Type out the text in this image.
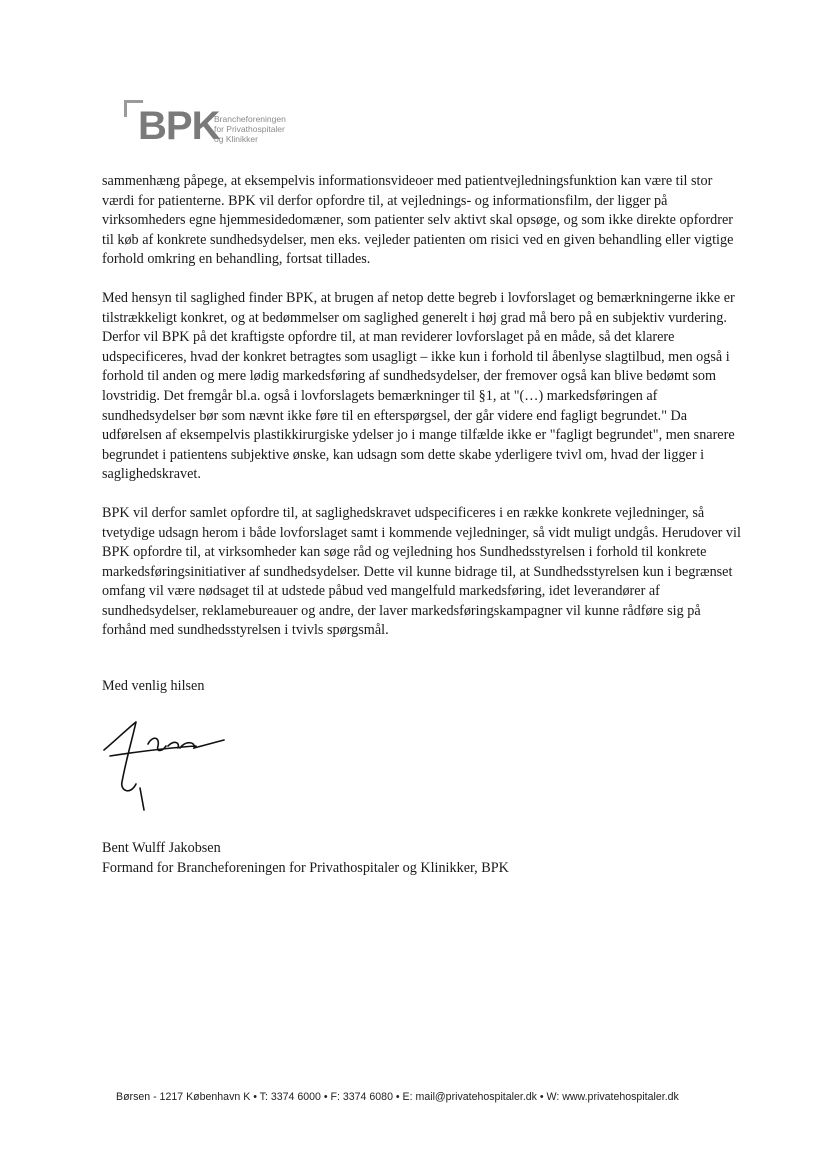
BPK
Brancheforeningen
for Privathospitaler
og Klinikker

sammenhæng påpege, at eksempelvis informationsvideoer med patientvejledningsfunktion kan være til stor værdi for patienterne. BPK vil derfor opfordre til, at vejlednings- og informationsfilm, der ligger på virksomheders egne hjemmesidedomæner, som patienter selv aktivt skal opsøge, og som ikke direkte opfordrer til køb af konkrete sundhedsydelser, men eks. vejleder patienten om risici ved en given behandling eller vigtige forhold omkring en behandling, fortsat tillades.

Med hensyn til saglighed finder BPK, at brugen af netop dette begreb i lovforslaget og bemærkningerne ikke er tilstrækkeligt konkret, og at bedømmelser om saglighed generelt i høj grad må bero på en subjektiv vurdering. Derfor vil BPK på det kraftigste opfordre til, at man reviderer lovforslaget på en måde, så det klarere udspecificeres, hvad der konkret betragtes som usagligt – ikke kun i forhold til åbenlyse slagtilbud, men også i forhold til anden og mere lødig markedsføring af sundhedsydelser, der fremover også kan blive bedømt som lovstridig. Det fremgår bl.a. også i lovforslagets bemærkninger til §1, at "(…) markedsføringen af sundhedsydelser bør som nævnt ikke føre til en efterspørgsel, der går videre end fagligt begrundet." Da udførelsen af eksempelvis plastikkirurgiske ydelser jo i mange tilfælde ikke er "fagligt begrundet", men snarere begrundet i patientens subjektive ønske, kan udsagn som dette skabe yderligere tvivl om, hvad der ligger i saglighedskravet.

BPK vil derfor samlet opfordre til, at saglighedskravet udspecificeres i en række konkrete vejledninger, så tvetydige udsagn herom i både lovforslaget samt i kommende vejledninger, så vidt muligt undgås. Herudover vil BPK opfordre til, at virksomheder kan søge råd og vejledning hos Sundhedsstyrelsen i forhold til konkrete markedsføringsinitiativer af sundhedsydelser. Dette vil kunne bidrage til, at Sundhedsstyrelsen kun i begrænset omfang vil være nødsaget til at udstede påbud ved mangelfuld markedsføring, idet leverandører af sundhedsydelser, reklamebureauer og andre, der laver markedsføringskampagner vil kunne rådføre sig på forhånd med sundhedsstyrelsen i tvivls spørgsmål.

Med venlig hilsen
Bent Wulff Jakobsen
Formand for Brancheforeningen for Privathospitaler og Klinikker, BPK
Børsen - 1217 København K • T: 3374 6000 • F: 3374 6080 • E: mail@privatehospitaler.dk • W: www.privatehospitaler.dk
